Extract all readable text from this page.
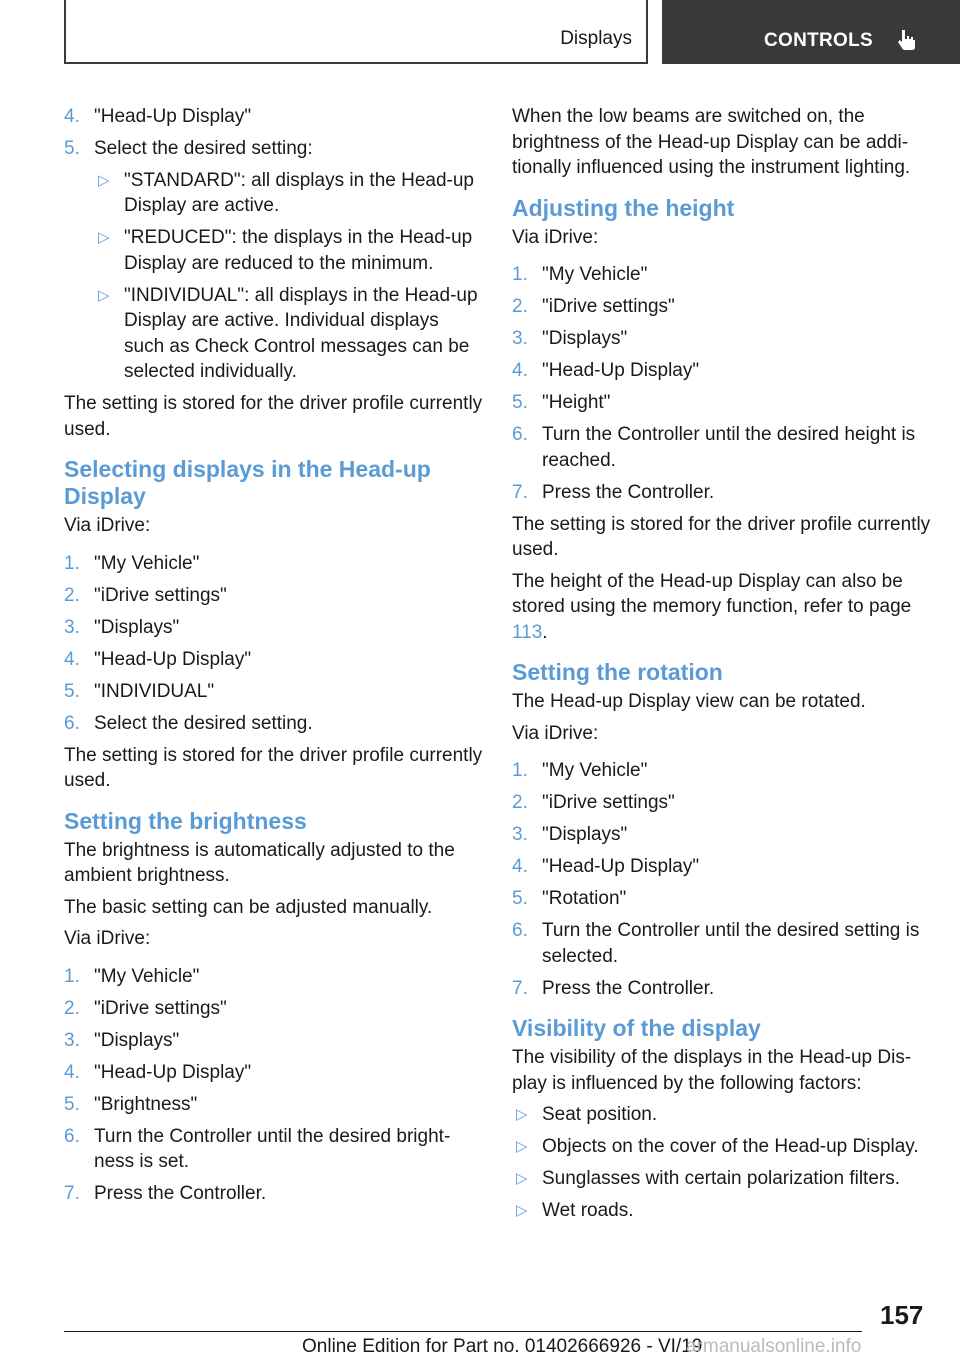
Displays	CONTROLS
4. "Head-Up Display"
5. Select the desired setting:
▷ "STANDARD": all displays in the Head-up Display are active.
▷ "REDUCED": the displays in the Head-up Display are reduced to the minimum.
▷ "INDIVIDUAL": all displays in the Head-up Display are active. Individual displays such as Check Control messages can be selected individually.

The setting is stored for the driver profile currently used.

Selecting displays in the Head-up Display

Via iDrive:

1. "My Vehicle"
2. "iDrive settings"
3. "Displays"
4. "Head-Up Display"
5. "INDIVIDUAL"
6. Select the desired setting.

The setting is stored for the driver profile currently used.

Setting the brightness

The brightness is automatically adjusted to the ambient brightness.

The basic setting can be adjusted manually.

Via iDrive:

1. "My Vehicle"
2. "iDrive settings"
3. "Displays"
4. "Head-Up Display"
5. "Brightness"
6. Turn the Controller until the desired brightness is set.
7. Press the Controller.

When the low beams are switched on, the brightness of the Head-up Display can be additionally influenced using the instrument lighting.

Adjusting the height

Via iDrive:

1. "My Vehicle"
2. "iDrive settings"
3. "Displays"
4. "Head-Up Display"
5. "Height"
6. Turn the Controller until the desired height is reached.
7. Press the Controller.

The setting is stored for the driver profile currently used.

The height of the Head-up Display can also be stored using the memory function, refer to page 113.

Setting the rotation

The Head-up Display view can be rotated.

Via iDrive:

1. "My Vehicle"
2. "iDrive settings"
3. "Displays"
4. "Head-Up Display"
5. "Rotation"
6. Turn the Controller until the desired setting is selected.
7. Press the Controller.
Visibility of the display

The visibility of the displays in the Head-up Display is influenced by the following factors:

▷ Seat position.
▷ Objects on the cover of the Head-up Display.
▷ Sunglasses with certain polarization filters.
▷ Wet roads.
157
Online Edition for Part no. 01402666926 - VI/19
armanualsonline.info
